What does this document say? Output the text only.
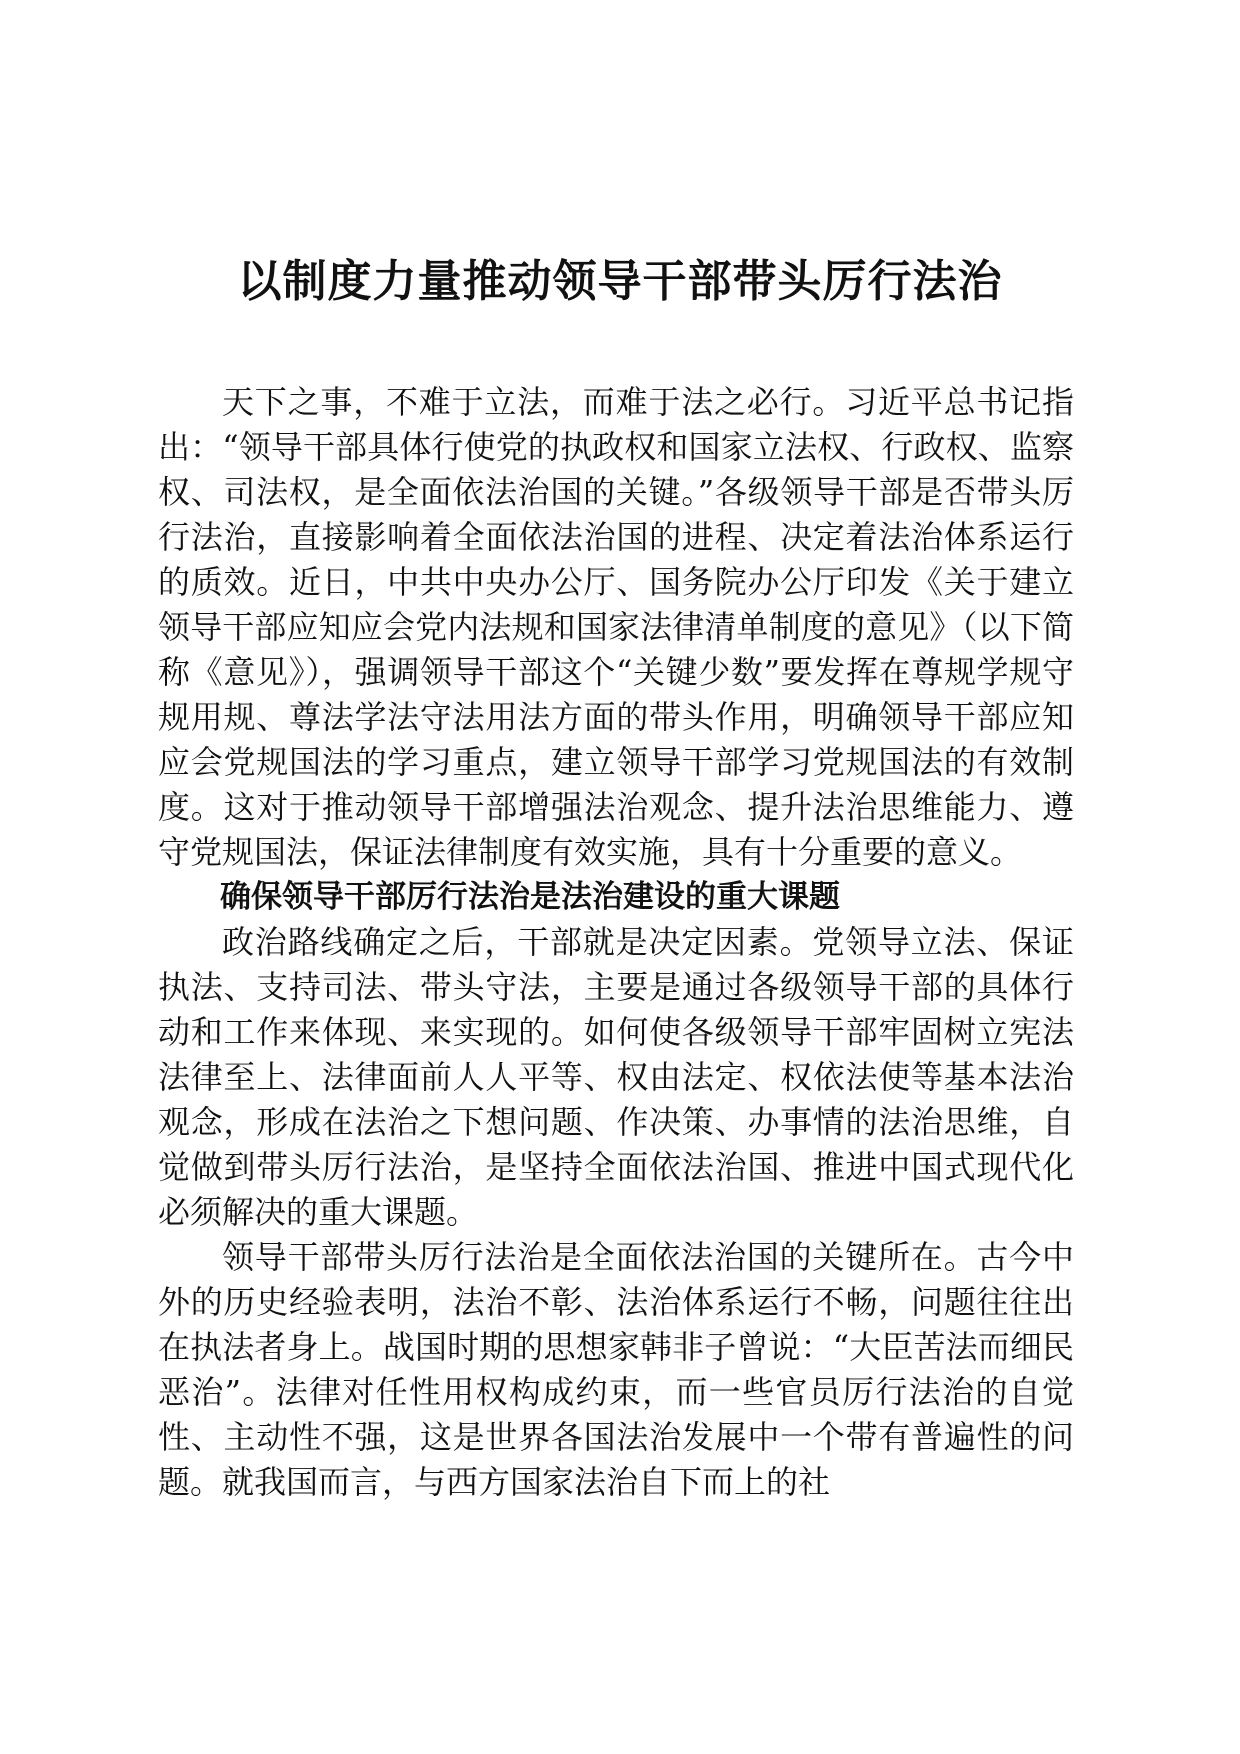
以制度力量推动领导干部带头厉行法治

天下之事，不难于立法，而难于法之必行。习近平总书记指出：“领导干部具体行使党的执政权和国家立法权、行政权、监察权、司法权，是全面依法治国的关键。”各级领导干部是否带头厉行法治，直接影响着全面依法治国的进程、决定着法治体系运行的质效。近日，中共中央办公厅、国务院办公厅印发《关于建立领导干部应知应会党内法规和国家法律清单制度的意见》（以下简称《意见》），强调领导干部这个“关键少数”要发挥在尊规学规守规用规、尊法学法守法用法方面的带头作用，明确领导干部应知应会党规国法的学习重点，建立领导干部学习党规国法的有效制度。这对于推动领导干部增强法治观念、提升法治思维能力、遵守党规国法，保证法律制度有效实施，具有十分重要的意义。

确保领导干部厉行法治是法治建设的重大课题

政治路线确定之后，干部就是决定因素。党领导立法、保证执法、支持司法、带头守法，主要是通过各级领导干部的具体行动和工作来体现、来实现的。如何使各级领导干部牢固树立宪法法律至上、法律面前人人平等、权由法定、权依法使等基本法治观念，形成在法治之下想问题、作决策、办事情的法治思维，自觉做到带头厉行法治，是坚持全面依法治国、推进中国式现代化必须解决的重大课题。

领导干部带头厉行法治是全面依法治国的关键所在。古今中外的历史经验表明，法治不彰、法治体系运行不畅，问题往往出在执法者身上。战国时期的思想家韩非子曾说：“大臣苦法而细民恶治”。法律对任性用权构成约束，而一些官员厉行法治的自觉性、主动性不强，这是世界各国法治发展中一个带有普遍性的问题。就我国而言，与西方国家法治自下而上的社
